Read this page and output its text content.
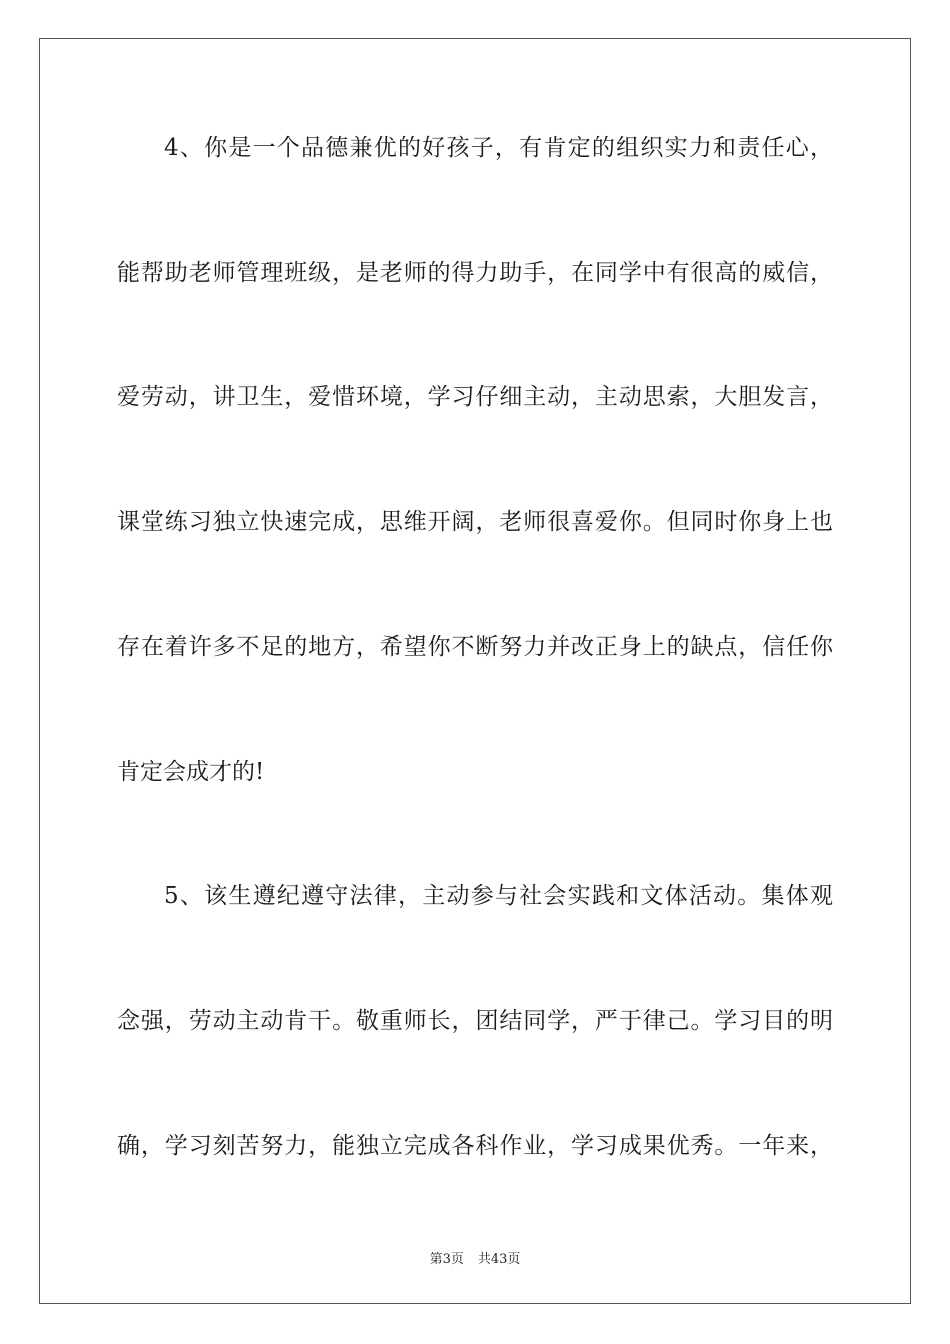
4、你是一个品德兼优的好孩子，有肯定的组织实力和责任心，

能帮助老师管理班级，是老师的得力助手，在同学中有很高的威信，

爱劳动，讲卫生，爱惜环境，学习仔细主动，主动思索，大胆发言，

课堂练习独立快速完成，思维开阔，老师很喜爱你。但同时你身上也

存在着许多不足的地方，希望你不断努力并改正身上的缺点，信任你

肯定会成才的!

5、该生遵纪遵守法律，主动参与社会实践和文体活动。集体观

念强，劳动主动肯干。敬重师长，团结同学，严于律己。学习目的明

确，学习刻苦努力，能独立完成各科作业，学习成果优秀。一年来，

第3页 共43页
